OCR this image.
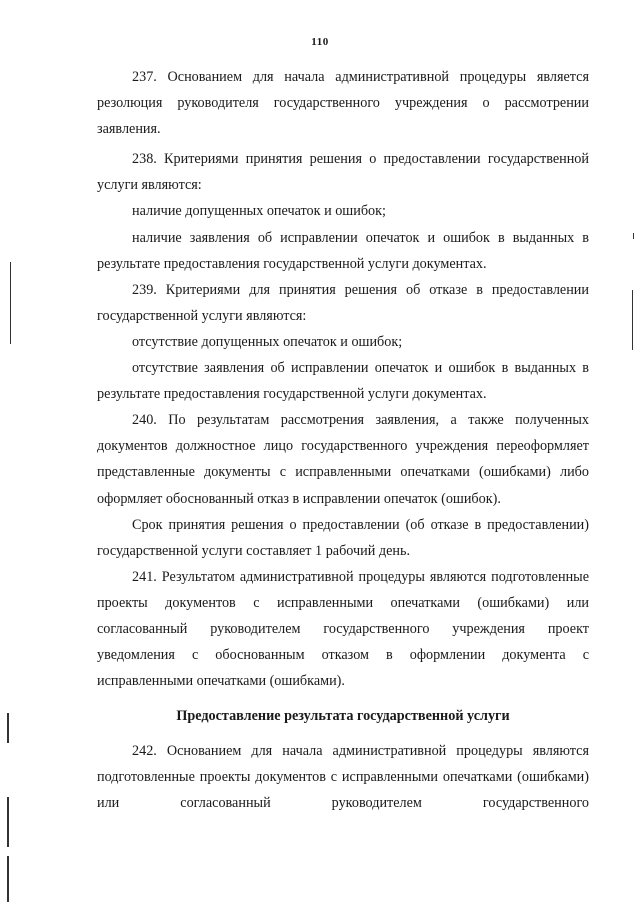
110

237. Основанием для начала административной процедуры является резолюция руководителя государственного учреждения о рассмотрении заявления.

238. Критериями принятия решения о предоставлении государственной услуги являются:

наличие допущенных опечаток и ошибок;

наличие заявления об исправлении опечаток и ошибок в выданных в результате предоставления государственной услуги документах.

239. Критериями для принятия решения об отказе в предоставлении государственной услуги являются:

отсутствие допущенных опечаток и ошибок;

отсутствие заявления об исправлении опечаток и ошибок в выданных в результате предоставления государственной услуги документах.

240. По результатам рассмотрения заявления, а также полученных документов должностное лицо государственного учреждения переоформляет представленные документы с исправленными опечатками (ошибками) либо оформляет обоснованный отказ в исправлении опечаток (ошибок).

Срок принятия решения о предоставлении (об отказе в предоставлении) государственной услуги составляет 1 рабочий день.

241. Результатом административной процедуры являются подготовленные проекты документов с исправленными опечатками (ошибками) или согласованный руководителем государственного учреждения проект уведомления с обоснованным отказом в оформлении документа с исправленными опечатками (ошибками).

Предоставление результата государственной услуги

242. Основанием для начала административной процедуры являются подготовленные проекты документов с исправленными опечатками (ошибками) или согласованный руководителем государственного
